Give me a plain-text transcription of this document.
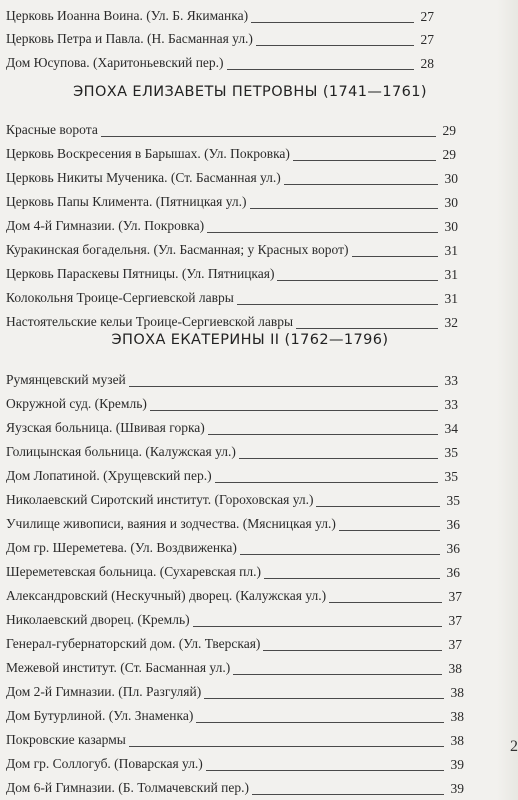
Церковь Иоанна Воина. (Ул. Б. Якиманка)	27
Церковь Петра и Павла. (Н. Басманная ул.)	27
Дом Юсупова. (Харитоньевский пер.)	28
ЭПОХА ЕЛИЗАВЕТЫ ПЕТРОВНЫ (1741—1761)
Красные ворота	29
Церковь Воскресения в Барышах. (Ул. Покровка)	29
Церковь Никиты Мученика. (Ст. Басманная ул.)	30
Церковь Папы Климента. (Пятницкая ул.)	30
Дом 4-й Гимназии. (Ул. Покровка)	30
Куракинская богадельня. (Ул. Басманная; у Красных ворот)	31
Церковь Параскевы Пятницы. (Ул. Пятницкая)	31
Колокольня Троице-Сергиевской лавры	31
Настоятельские кельи Троице-Сергиевской лавры	32
ЭПОХА ЕКАТЕРИНЫ II (1762—1796)
Румянцевский музей	33
Окружной суд. (Кремль)	33
Яузская больница. (Швивая горка)	34
Голицынская больница. (Калужская ул.)	35
Дом Лопатиной. (Хрущевский пер.)	35
Николаевский Сиротский институт. (Гороховская ул.)	35
Училище живописи, ваяния и зодчества. (Мясницкая ул.)	36
Дом гр. Шереметева. (Ул. Воздвиженка)	36
Шереметевская больница. (Сухаревская пл.)	36
Александровский (Нескучный) дворец. (Калужская ул.)	37
Николаевский дворец. (Кремль)	37
Генерал-губернаторский дом. (Ул. Тверская)	37
Межевой институт. (Ст. Басманная ул.)	38
Дом 2-й Гимназии. (Пл. Разгуляй)	38
Дом Бутурлиной. (Ул. Знаменка)	38
Покровские казармы	38
Дом гр. Соллогуб. (Поварская ул.)	39
Дом 6-й Гимназии. (Б. Толмачевский пер.)	39
2
